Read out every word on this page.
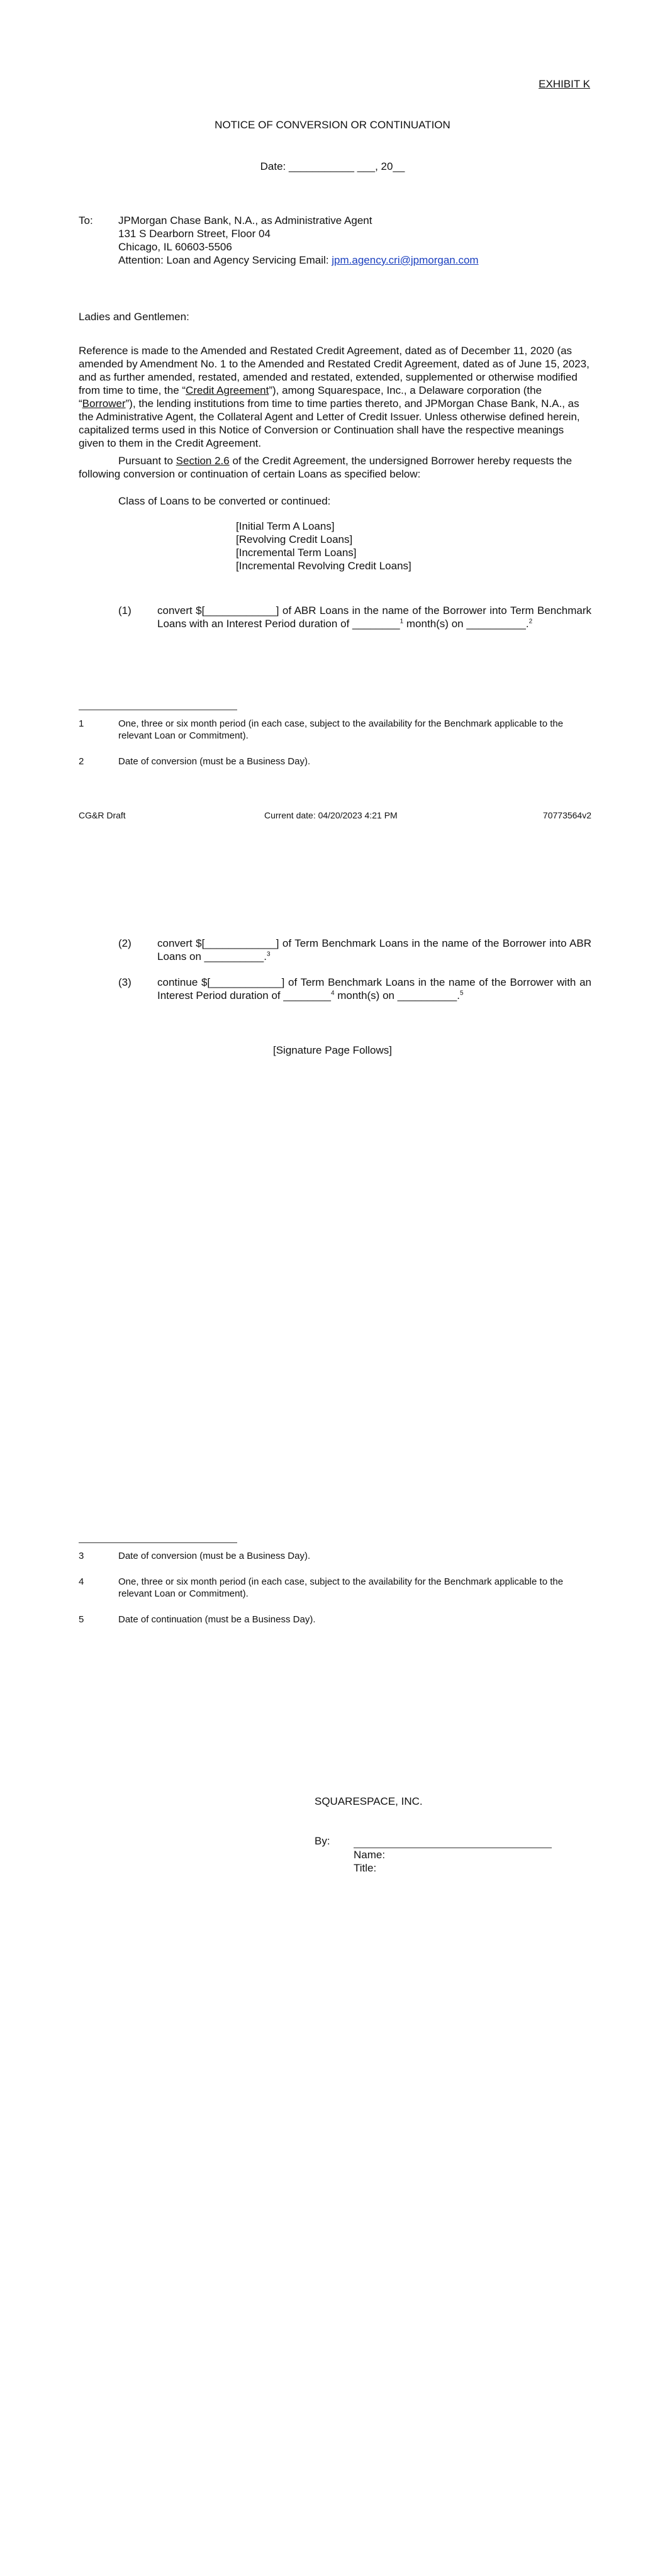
EXHIBIT K
NOTICE OF CONVERSION OR CONTINUATION
Date: ___________ ___, 20__
To: JPMorgan Chase Bank, N.A., as Administrative Agent
131 S Dearborn Street, Floor 04
Chicago, IL 60603-5506
Attention: Loan and Agency Servicing Email: jpm.agency.cri@jpmorgan.com
Ladies and Gentlemen:
Reference is made to the Amended and Restated Credit Agreement, dated as of December 11, 2020 (as amended by Amendment No. 1 to the Amended and Restated Credit Agreement, dated as of June 15, 2023, and as further amended, restated, amended and restated, extended, supplemented or otherwise modified from time to time, the “Credit Agreement”), among Squarespace, Inc., a Delaware corporation (the “Borrower”), the lending institutions from time to time parties thereto, and JPMorgan Chase Bank, N.A., as the Administrative Agent, the Collateral Agent and Letter of Credit Issuer. Unless otherwise defined herein, capitalized terms used in this Notice of Conversion or Continuation shall have the respective meanings given to them in the Credit Agreement.
Pursuant to Section 2.6 of the Credit Agreement, the undersigned Borrower hereby requests the following conversion or continuation of certain Loans as specified below:
Class of Loans to be converted or continued:
[Initial Term A Loans]
[Revolving Credit Loans]
[Incremental Term Loans]
[Incremental Revolving Credit Loans]
(1) convert $[____________] of ABR Loans in the name of the Borrower into Term Benchmark Loans with an Interest Period duration of ________$^1$ month(s) on __________.$^2$
1	One, three or six month period (in each case, subject to the availability for the Benchmark applicable to the relevant Loan or Commitment).
2	Date of conversion (must be a Business Day).
CG&R Draft	Current date: 04/20/2023 4:21 PM	70773564v2
(2) convert $[____________] of Term Benchmark Loans in the name of the Borrower into ABR Loans on __________.$^3$
(3) continue $[____________] of Term Benchmark Loans in the name of the Borrower with an Interest Period duration of ________$^4$ month(s) on __________.$^5$
[Signature Page Follows]
3	Date of conversion (must be a Business Day).
4	One, three or six month period (in each case, subject to the availability for the Benchmark applicable to the relevant Loan or Commitment).
5	Date of continuation (must be a Business Day).
SQUARESPACE, INC.
By:
Name:
Title:
